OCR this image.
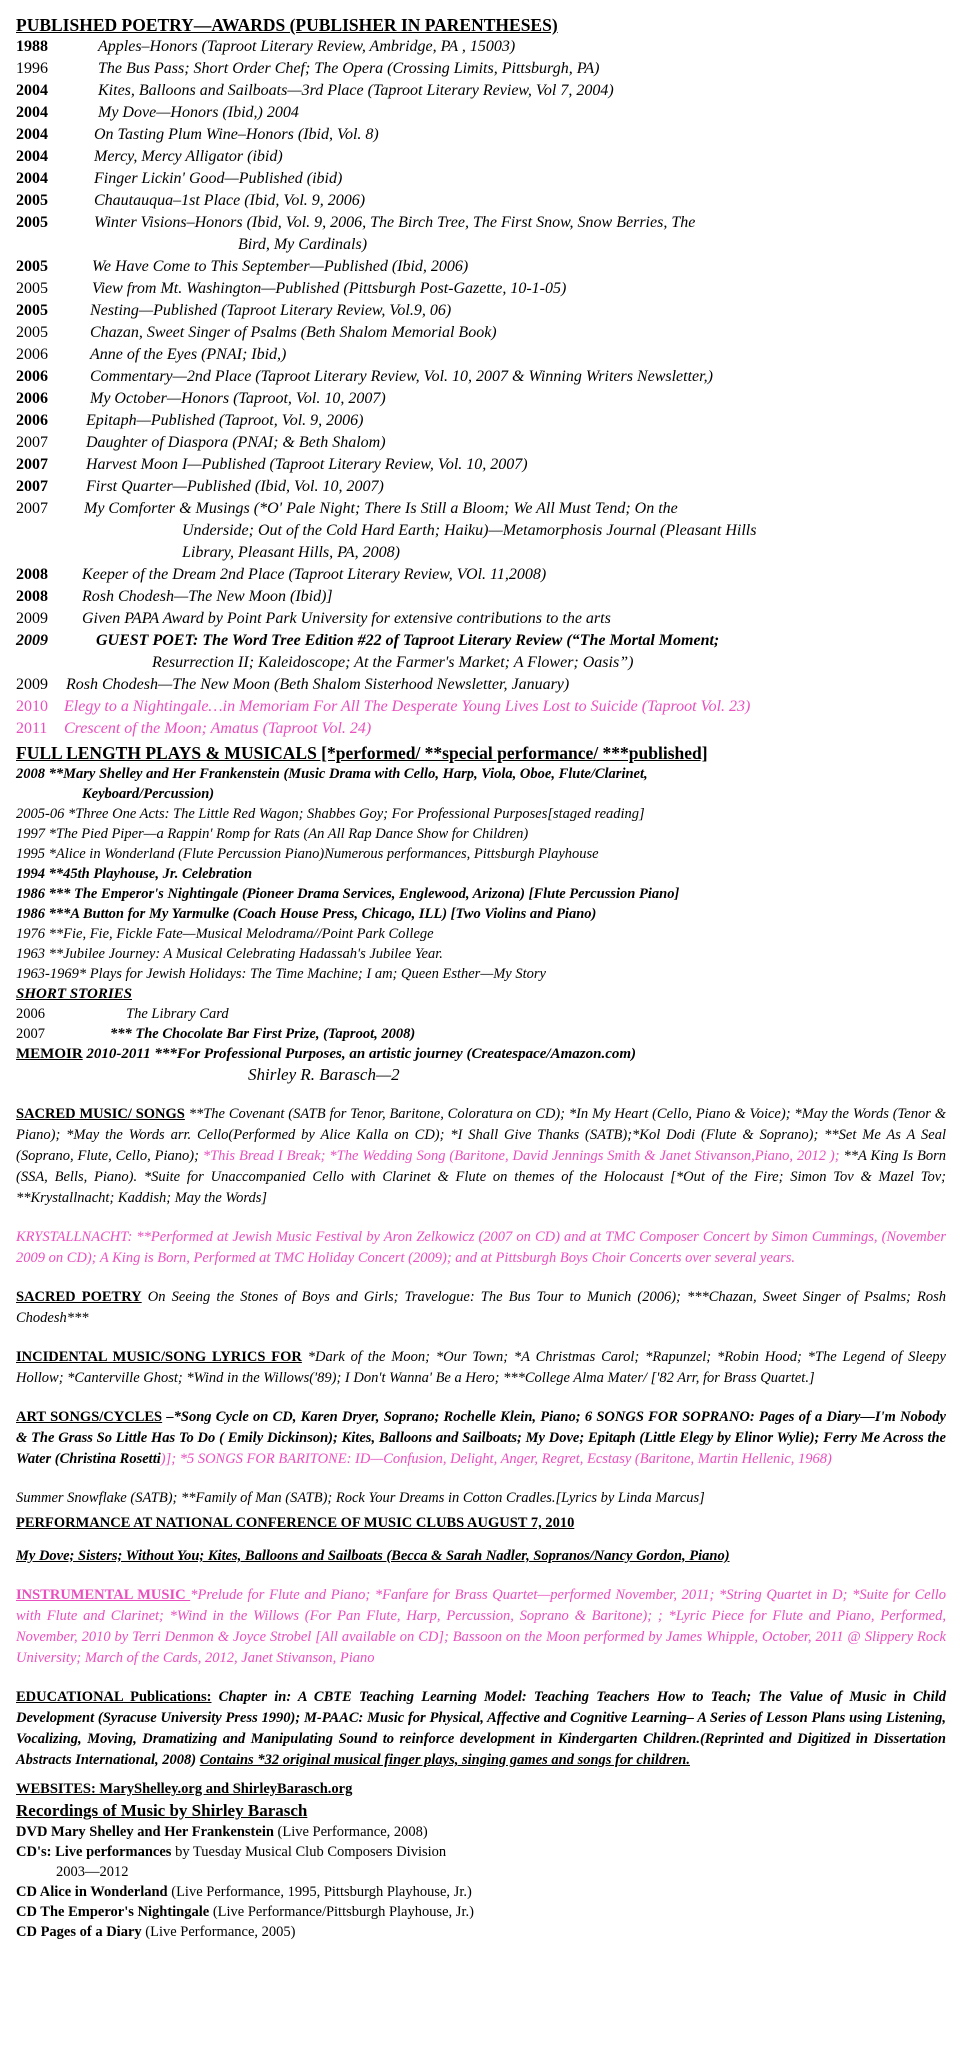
PUBLISHED POETRY—AWARDS (PUBLISHER IN PARENTHESES)

1988	Apples–Honors (Taproot Literary Review, Ambridge, PA , 15003)
1996	The Bus Pass; Short Order Chef; The Opera (Crossing Limits, Pittsburgh, PA)
2004	Kites, Balloons and Sailboats—3rd Place (Taproot Literary Review, Vol 7, 2004)
2004	My Dove—Honors (Ibid,) 2004
2004	On Tasting Plum Wine–Honors (Ibid, Vol. 8)
2004	Mercy, Mercy Alligator (ibid)
2004	Finger Lickin' Good—Published (ibid)
2005	Chautauqua–1st Place (Ibid, Vol. 9, 2006)
2005	Winter Visions–Honors (Ibid, Vol. 9, 2006, The Birch Tree, The First Snow, Snow Berries, The
Bird, My Cardinals)
2005	We Have Come to This September—Published (Ibid, 2006)
2005	View from Mt. Washington—Published (Pittsburgh Post-Gazette, 10-1-05)
2005	Nesting—Published (Taproot Literary Review, Vol.9, 06)
2005	Chazan, Sweet Singer of Psalms (Beth Shalom Memorial Book)
2006	Anne of the Eyes (PNAI; Ibid,)
2006	Commentary—2nd Place (Taproot Literary Review, Vol. 10, 2007 & Winning Writers Newsletter,)
2006	My October—Honors (Taproot, Vol. 10, 2007)
2006	Epitaph—Published (Taproot, Vol. 9, 2006)
2007	Daughter of Diaspora (PNAI; & Beth Shalom)
2007	Harvest Moon I—Published (Taproot Literary Review, Vol. 10, 2007)
2007	First Quarter—Published (Ibid, Vol. 10, 2007)
2007	My Comforter & Musings (*O' Pale Night; There Is Still a Bloom; We All Must Tend; On the
Underside; Out of the Cold Hard Earth; Haiku)—Metamorphosis Journal (Pleasant Hills
Library, Pleasant Hills, PA, 2008)
2008	Keeper of the Dream 2nd Place (Taproot Literary Review, VOl. 11,2008)
2008	Rosh Chodesh—The New Moon (Ibid)]
2009	Given PAPA Award by Point Park University for extensive contributions to the arts
2009	GUEST POET: The Word Tree Edition #22 of Taproot Literary Review (“The Mortal Moment;
Resurrection II; Kaleidoscope; At the Farmer's Market; A Flower; Oasis”)
2009	Rosh Chodesh—The New Moon (Beth Shalom Sisterhood Newsletter, January)
2010	Elegy to a Nightingale…in Memoriam For All The Desperate Young Lives Lost to Suicide (Taproot Vol. 23)
2011	Crescent of the Moon; Amatus (Taproot Vol. 24)

FULL LENGTH PLAYS & MUSICALS [*performed/ **special performance/ ***published]

2008 **Mary Shelley and Her Frankenstein (Music Drama with Cello, Harp, Viola, Oboe, Flute/Clarinet,
Keyboard/Percussion)
2005-06 *Three One Acts: The Little Red Wagon; Shabbes Goy; For Professional Purposes[staged reading]
1997 *The Pied Piper—a Rappin' Romp for Rats (An All Rap Dance Show for Children)
1995 *Alice in Wonderland (Flute Percussion Piano)Numerous performances, Pittsburgh Playhouse
1994 **45th Playhouse, Jr. Celebration
1986 *** The Emperor's Nightingale (Pioneer Drama Services, Englewood, Arizona) [Flute Percussion Piano]
1986 ***A Button for My Yarmulke (Coach House Press, Chicago, ILL) [Two Violins and Piano)
1976 **Fie, Fie, Fickle Fate—Musical Melodrama//Point Park College
1963 **Jubilee Journey: A Musical Celebrating Hadassah's Jubilee Year.
1963-1969* Plays for Jewish Holidays: The Time Machine; I am; Queen Esther—My Story

SHORT STORIES

2006	The Library Card
2007	*** The Chocolate Bar First Prize, (Taproot, 2008)

MEMOIR 2010-2011 ***For Professional Purposes, an artistic journey (Createspace/Amazon.com)

Shirley R. Barasch—2

SACRED MUSIC/ SONGS **The Covenant (SATB for Tenor, Baritone, Coloratura on CD); *In My Heart (Cello, Piano & Voice); *May the Words (Tenor & Piano); *May the Words arr. Cello(Performed by Alice Kalla on CD); *I Shall Give Thanks (SATB);*Kol Dodi (Flute & Soprano); **Set Me As A Seal (Soprano, Flute, Cello, Piano); *This Bread I Break; *The Wedding Song (Baritone, David Jennings Smith & Janet Stivanson,Piano, 2012 ); **A King Is Born (SSA, Bells, Piano). *Suite for Unaccompanied Cello with Clarinet & Flute on themes of the Holocaust [*Out of the Fire; Simon Tov & Mazel Tov; **Krystallnacht; Kaddish; May the Words]

KRYSTALLNACHT: **Performed at Jewish Music Festival by Aron Zelkowicz (2007 on CD) and at TMC Composer Concert by Simon Cummings, (November 2009 on CD); A King is Born, Performed at TMC Holiday Concert (2009); and at Pittsburgh Boys Choir Concerts over several years.

SACRED POETRY On Seeing the Stones of Boys and Girls; Travelogue: The Bus Tour to Munich (2006); ***Chazan, Sweet Singer of Psalms; Rosh Chodesh***

INCIDENTAL MUSIC/SONG LYRICS FOR *Dark of the Moon; *Our Town; *A Christmas Carol; *Rapunzel; *Robin Hood; *The Legend of Sleepy Hollow; *Canterville Ghost; *Wind in the Willows('89); I Don't Wanna' Be a Hero; ***College Alma Mater/ ['82 Arr, for Brass Quartet.]

ART SONGS/CYCLES –*Song Cycle on CD, Karen Dryer, Soprano; Rochelle Klein, Piano; 6 SONGS FOR SOPRANO: Pages of a Diary—I'm Nobody & The Grass So Little Has To Do ( Emily Dickinson); Kites, Balloons and Sailboats; My Dove; Epitaph (Little Elegy by Elinor Wylie); Ferry Me Across the Water (Christina Rosetti)]; *5 SONGS FOR BARITONE: ID—Confusion, Delight, Anger, Regret, Ecstasy (Baritone, Martin Hellenic, 1968)

Summer Snowflake (SATB); **Family of Man (SATB); Rock Your Dreams in Cotton Cradles.[Lyrics by Linda Marcus]

PERFORMANCE AT NATIONAL CONFERENCE OF MUSIC CLUBS AUGUST 7, 2010

My Dove; Sisters; Without You; Kites, Balloons and Sailboats (Becca & Sarah Nadler, Sopranos/Nancy Gordon, Piano)

INSTRUMENTAL MUSIC *Prelude for Flute and Piano; *Fanfare for Brass Quartet—performed November, 2011; *String Quartet in D; *Suite for Cello with Flute and Clarinet; *Wind in the Willows (For Pan Flute, Harp, Percussion, Soprano & Baritone); ; *Lyric Piece for Flute and Piano, Performed, November, 2010 by Terri Denmon & Joyce Strobel [All available on CD]; Bassoon on the Moon performed by James Whipple, October, 2011 @ Slippery Rock University; March of the Cards, 2012, Janet Stivanson, Piano

EDUCATIONAL Publications: Chapter in: A CBTE Teaching Learning Model: Teaching Teachers How to Teach; The Value of Music in Child Development (Syracuse University Press 1990); M-PAAC: Music for Physical, Affective and Cognitive Learning– A Series of Lesson Plans using Listening, Vocalizing, Moving, Dramatizing and Manipulating Sound to reinforce development in Kindergarten Children.(Reprinted and Digitized in Dissertation Abstracts International, 2008) Contains *32 original musical finger plays, singing games and songs for children.

WEBSITES: MaryShelley.org and ShirleyBarasch.org

Recordings of Music by Shirley Barasch

DVD Mary Shelley and Her Frankenstein (Live Performance, 2008)
CD's: Live performances by Tuesday Musical Club Composers Division
2003—2012
CD Alice in Wonderland (Live Performance, 1995, Pittsburgh Playhouse, Jr.)
CD The Emperor's Nightingale (Live Performance/Pittsburgh Playhouse, Jr.)
CD Pages of a Diary (Live Performance, 2005)
